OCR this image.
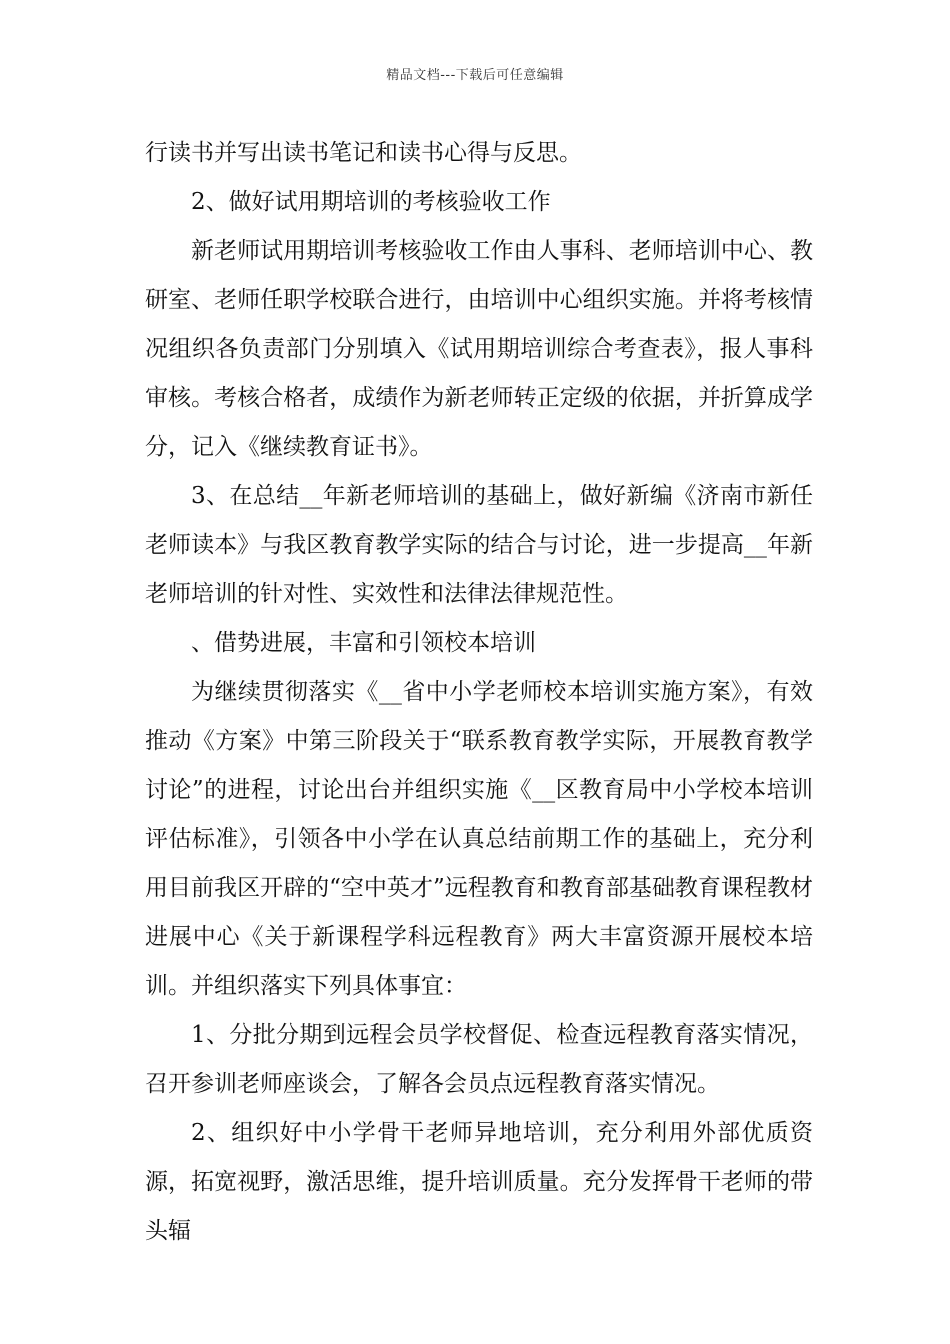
精品文档---下载后可任意编辑

行读书并写出读书笔记和读书心得与反思。

2、做好试用期培训的考核验收工作

新老师试用期培训考核验收工作由人事科、老师培训中心、教研室、老师任职学校联合进行，由培训中心组织实施。并将考核情况组织各负责部门分别填入《试用期培训综合考查表》，报人事科审核。考核合格者，成绩作为新老师转正定级的依据，并折算成学分，记入《继续教育证书》。

3、在总结__年新老师培训的基础上，做好新编《济南市新任老师读本》与我区教育教学实际的结合与讨论，进一步提高__年新老师培训的针对性、实效性和法律法律规范性。

、借势进展，丰富和引领校本培训

为继续贯彻落实《__省中小学老师校本培训实施方案》，有效推动《方案》中第三阶段关于“联系教育教学实际，开展教育教学讨论”的进程，讨论出台并组织实施《__区教育局中小学校本培训评估标准》，引领各中小学在认真总结前期工作的基础上，充分利用目前我区开辟的“空中英才”远程教育和教育部基础教育课程教材进展中心《关于新课程学科远程教育》两大丰富资源开展校本培训。并组织落实下列具体事宜：

1、分批分期到远程会员学校督促、检查远程教育落实情况，召开参训老师座谈会，了解各会员点远程教育落实情况。

2、组织好中小学骨干老师异地培训，充分利用外部优质资源，拓宽视野，激活思维，提升培训质量。充分发挥骨干老师的带头辐
